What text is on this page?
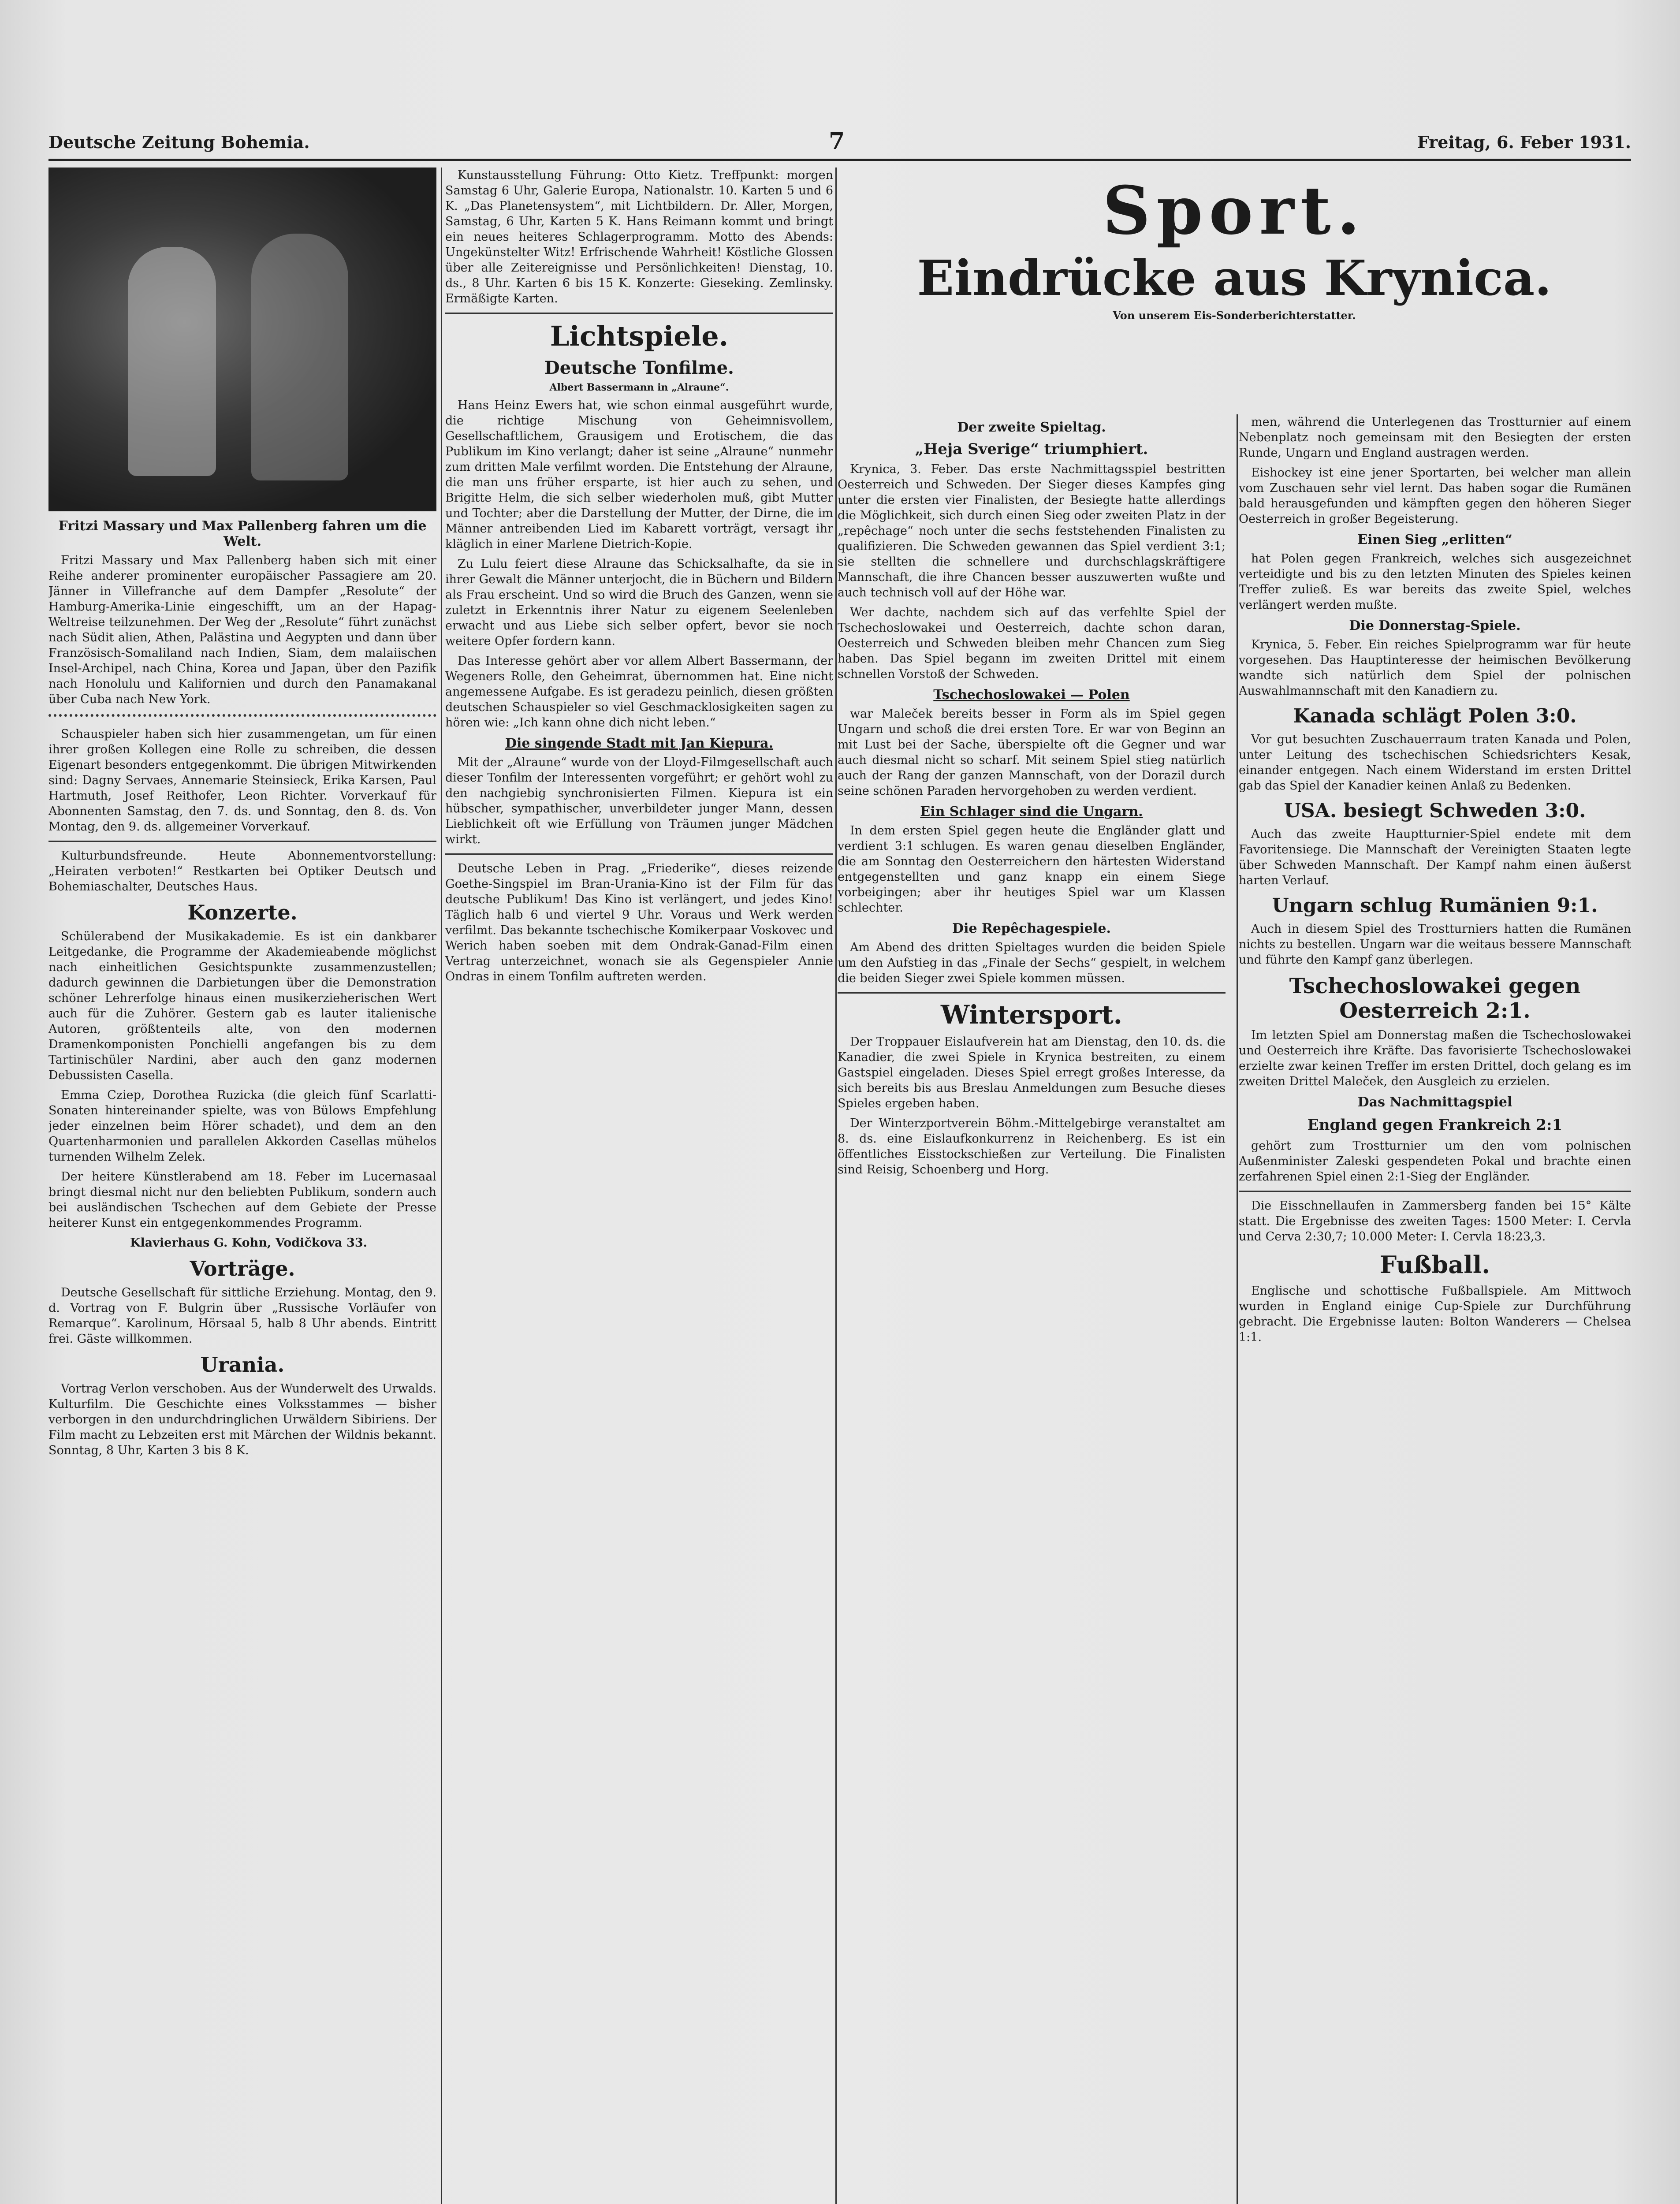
Deutsche Zeitung Bohemia.	7	Freitag, 6. Feber 1931.
Fritzi Massary und Max Pallenberg fahren um die Welt.

Fritzi Massary und Max Pallenberg haben sich mit einer Reihe anderer prominenter europäischer Passagiere am 20. Jänner in Villefranche auf dem Dampfer „Resolute“ der Hamburg-Amerika-Linie eingeschifft, um an der Hapag-Weltreise teilzunehmen. Der Weg der „Resolute“ führt zunächst nach Südit alien, Athen, Palästina und Aegypten und dann über Französisch-Somaliland nach Indien, Siam, dem malaiischen Insel-Archipel, nach China, Korea und Japan, über den Pazifik nach Honolulu und Kalifornien und durch den Panamakanal über Cuba nach New York.

Schauspieler haben sich hier zusammengetan, um für einen ihrer großen Kollegen eine Rolle zu schreiben, die dessen Eigenart besonders entgegenkommt. Die übrigen Mitwirkenden sind: Dagny Servaes, Annemarie Steinsieck, Erika Karsen, Paul Hartmuth, Josef Reithofer, Leon Richter. Vorverkauf für Abonnenten Samstag, den 7. ds. und Sonntag, den 8. ds. Von Montag, den 9. ds. allgemeiner Vorverkauf.

Kulturbundsfreunde. Heute Abonnementvorstellung: „Heiraten verboten!“ Restkarten bei Optiker Deutsch und Bohemiaschalter, Deutsches Haus.

Konzerte.

Schülerabend der Musikakademie. Es ist ein dankbarer Leitgedanke, die Programme der Akademieabende möglichst nach einheitlichen Gesichtspunkte zusammenzustellen; dadurch gewinnen die Darbietungen über die Demonstration schöner Lehrerfolge hinaus einen musikerzieherischen Wert auch für die Zuhörer. Gestern gab es lauter italienische Autoren, größtenteils alte, von den modernen Dramenkomponisten Ponchielli angefangen bis zu dem Tartinischüler Nardini, aber auch den ganz modernen Debussisten Casella.

Emma Cziep, Dorothea Ruzicka (die gleich fünf Scarlatti-Sonaten hintereinander spielte, was von Bülows Empfehlung jeder einzelnen beim Hörer schadet), und dem an den Quartenharmonien und parallelen Akkorden Casellas mühelos turnenden Wilhelm Zelek.

Der heitere Künstlerabend am 18. Feber im Lucernasaal bringt diesmal nicht nur den beliebten Publikum, sondern auch bei ausländischen Tschechen auf dem Gebiete der Presse heiterer Kunst ein entgegenkommendes Programm.

Klavierhaus G. Kohn, Vodičkova 33.

Vorträge.

Deutsche Gesellschaft für sittliche Erziehung. Montag, den 9. d. Vortrag von F. Bulgrin über „Russische Vorläufer von Remarque“. Karolinum, Hörsaal 5, halb 8 Uhr abends. Eintritt frei. Gäste willkommen.

Urania.

Vortrag Verlon verschoben. Aus der Wunderwelt des Urwalds. Kulturfilm. Die Geschichte eines Volksstammes — bisher verborgen in den undurchdringlichen Urwäldern Sibiriens. Der Film macht zu Lebzeiten erst mit Märchen der Wildnis bekannt. Sonntag, 8 Uhr, Karten 3 bis 8 K.

Kunstausstellung Führung: Otto Kietz. Treffpunkt: morgen Samstag 6 Uhr, Galerie Europa, Nationalstr. 10. Karten 5 und 6 K. „Das Planetensystem“, mit Lichtbildern. Dr. Aller, Morgen, Samstag, 6 Uhr, Karten 5 K. Hans Reimann kommt und bringt ein neues heiteres Schlagerprogramm. Motto des Abends: Ungekünstelter Witz! Erfrischende Wahrheit! Köstliche Glossen über alle Zeitereignisse und Persönlichkeiten! Dienstag, 10. ds., 8 Uhr. Karten 6 bis 15 K. Konzerte: Gieseking. Zemlinsky. Ermäßigte Karten.

Lichtspiele.
Deutsche Tonfilme.
Albert Bassermann in „Alraune“.

Hans Heinz Ewers hat, wie schon einmal ausgeführt wurde, die richtige Mischung von Geheimnisvollem, Gesellschaftlichem, Grausigem und Erotischem, die das Publikum im Kino verlangt; daher ist seine „Alraune“ nunmehr zum dritten Male verfilmt worden. Die Entstehung der Alraune, die man uns früher ersparte, ist hier auch zu sehen, und Brigitte Helm, die sich selber wiederholen muß, gibt Mutter und Tochter; aber die Darstellung der Mutter, der Dirne, die im Männer antreibenden Lied im Kabarett vorträgt, versagt ihr kläglich in einer Marlene Dietrich-Kopie.

Zu Lulu feiert diese Alraune das Schicksalhafte, da sie in ihrer Gewalt die Männer unterjocht, die in Büchern und Bildern als Frau erscheint. Und so wird die Bruch des Ganzen, wenn sie zuletzt in Erkenntnis ihrer Natur zu eigenem Seelenleben erwacht und aus Liebe sich selber opfert, bevor sie noch weitere Opfer fordern kann.

Das Interesse gehört aber vor allem Albert Bassermann, der Wegeners Rolle, den Geheimrat, übernommen hat. Eine nicht angemessene Aufgabe. Es ist geradezu peinlich, diesen größten deutschen Schauspieler so viel Geschmacklosigkeiten sagen zu hören wie: „Ich kann ohne dich nicht leben.“

Die singende Stadt mit Jan Kiepura.

Mit der „Alraune“ wurde von der Lloyd-Filmgesellschaft auch dieser Tonfilm der Interessenten vorgeführt; er gehört wohl zu den nachgiebig synchronisierten Filmen. Kiepura ist ein hübscher, sympathischer, unverbildeter junger Mann, dessen Lieblichkeit oft wie Erfüllung von Träumen junger Mädchen wirkt.

Deutsche Leben in Prag. „Friederike“, dieses reizende Goethe-Singspiel im Bran-Urania-Kino ist der Film für das deutsche Publikum! Das Kino ist verlängert, und jedes Kino! Täglich halb 6 und viertel 9 Uhr. Voraus und Werk werden verfilmt. Das bekannte tschechische Komikerpaar Voskovec und Werich haben soeben mit dem Ondrak-Ganad-Film einen Vertrag unterzeichnet, wonach sie als Gegenspieler Annie Ondras in einem Tonfilm auftreten werden.

Sport.
Eindrücke aus Krynica.
Von unserem Eis-Sonderberichterstatter.
Der zweite Spieltag.
„Heja Sverige“ triumphiert.

Krynica, 3. Feber. Das erste Nachmittagsspiel bestritten Oesterreich und Schweden. Der Sieger dieses Kampfes ging unter die ersten vier Finalisten, der Besiegte hatte allerdings die Möglichkeit, sich durch einen Sieg oder zweiten Platz in der „repêchage“ noch unter die sechs feststehenden Finalisten zu qualifizieren. Die Schweden gewannen das Spiel verdient 3:1; sie stellten die schnellere und durchschlagskräftigere Mannschaft, die ihre Chancen besser auszuwerten wußte und auch technisch voll auf der Höhe war.

Wer dachte, nachdem sich auf das verfehlte Spiel der Tschechoslowakei und Oesterreich, dachte schon daran, Oesterreich und Schweden bleiben mehr Chancen zum Sieg haben. Das Spiel begann im zweiten Drittel mit einem schnellen Vorstoß der Schweden.

Tschechoslowakei — Polen

war Maleček bereits besser in Form als im Spiel gegen Ungarn und schoß die drei ersten Tore. Er war von Beginn an mit Lust bei der Sache, überspielte oft die Gegner und war auch diesmal nicht so scharf. Mit seinem Spiel stieg natürlich auch der Rang der ganzen Mannschaft, von der Dorazil durch seine schönen Paraden hervorgehoben zu werden verdient.

Ein Schlager sind die Ungarn.

In dem ersten Spiel gegen heute die Engländer glatt und verdient 3:1 schlugen. Es waren genau dieselben Engländer, die am Sonntag den Oesterreichern den härtesten Widerstand entgegenstellten und ganz knapp ein einem Siege vorbeigingen; aber ihr heutiges Spiel war um Klassen schlechter.

Die Repêchagespiele.

Am Abend des dritten Spieltages wurden die beiden Spiele um den Aufstieg in das „Finale der Sechs“ gespielt, in welchem die beiden Sieger zwei Spiele kommen müssen.

Wintersport.

Der Troppauer Eislaufverein hat am Dienstag, den 10. ds. die Kanadier, die zwei Spiele in Krynica bestreiten, zu einem Gastspiel eingeladen. Dieses Spiel erregt großes Interesse, da sich bereits bis aus Breslau Anmeldungen zum Besuche dieses Spieles ergeben haben.

Der Winterzportverein Böhm.-Mittelgebirge veranstaltet am 8. ds. eine Eislaufkonkurrenz in Reichenberg. Es ist ein öffentliches Eisstockschießen zur Verteilung. Die Finalisten sind Reisig, Schoenberg und Horg.

men, während die Unterlegenen das Trostturnier auf einem Nebenplatz noch gemeinsam mit den Besiegten der ersten Runde, Ungarn und England austragen werden.

Eishockey ist eine jener Sportarten, bei welcher man allein vom Zuschauen sehr viel lernt. Das haben sogar die Rumänen bald herausgefunden und kämpften gegen den höheren Sieger Oesterreich in großer Begeisterung.

Einen Sieg „erlitten“

hat Polen gegen Frankreich, welches sich ausgezeichnet verteidigte und bis zu den letzten Minuten des Spieles keinen Treffer zuließ. Es war bereits das zweite Spiel, welches verlängert werden mußte.

Die Donnerstag-Spiele.

Krynica, 5. Feber. Ein reiches Spielprogramm war für heute vorgesehen. Das Hauptinteresse der heimischen Bevölkerung wandte sich natürlich dem Spiel der polnischen Auswahlmannschaft mit den Kanadiern zu.

Kanada schlägt Polen 3:0.

Vor gut besuchten Zuschauerraum traten Kanada und Polen, unter Leitung des tschechischen Schiedsrichters Kesak, einander entgegen. Nach einem Widerstand im ersten Drittel gab das Spiel der Kanadier keinen Anlaß zu Bedenken.

USA. besiegt Schweden 3:0.

Auch das zweite Hauptturnier-Spiel endete mit dem Favoritensiege. Die Mannschaft der Vereinigten Staaten legte über Schweden Mannschaft. Der Kampf nahm einen äußerst harten Verlauf.

Ungarn schlug Rumänien 9:1.

Auch in diesem Spiel des Trostturniers hatten die Rumänen nichts zu bestellen. Ungarn war die weitaus bessere Mannschaft und führte den Kampf ganz überlegen.

Tschechoslowakei gegen Oesterreich 2:1.

Im letzten Spiel am Donnerstag maßen die Tschechoslowakei und Oesterreich ihre Kräfte. Das favorisierte Tschechoslowakei erzielte zwar keinen Treffer im ersten Drittel, doch gelang es im zweiten Drittel Maleček, den Ausgleich zu erzielen.

Das Nachmittagspiel
England gegen Frankreich 2:1

gehört zum Trostturnier um den vom polnischen Außenminister Zaleski gespendeten Pokal und brachte einen zerfahrenen Spiel einen 2:1-Sieg der Engländer.

Die Eisschnellaufen in Zammersberg fanden bei 15° Kälte statt. Die Ergebnisse des zweiten Tages: 1500 Meter: I. Cervla und Cerva 2:30,7; 10.000 Meter: I. Cervla 18:23,3.

Fußball.

Englische und schottische Fußballspiele. Am Mittwoch wurden in England einige Cup-Spiele zur Durchführung gebracht. Die Ergebnisse lauten: Bolton Wanderers — Chelsea 1:1.
